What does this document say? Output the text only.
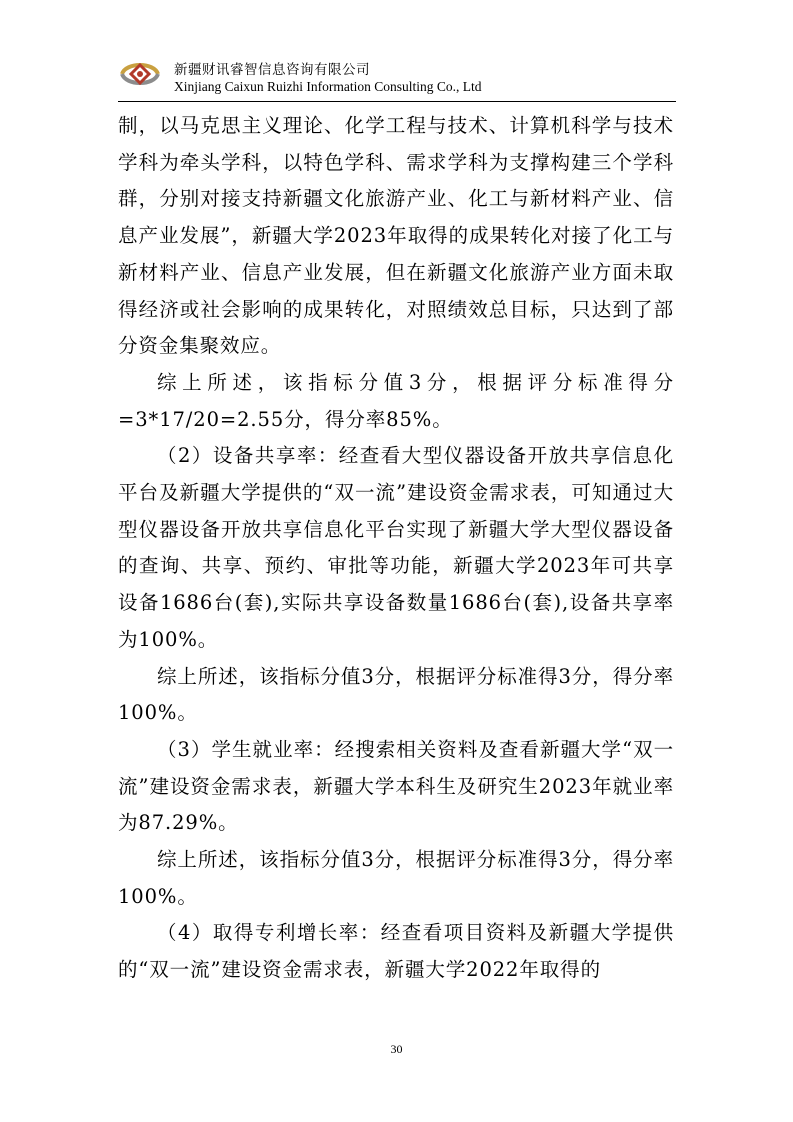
新疆财讯睿智信息咨询有限公司
Xinjiang Caixun Ruizhi Information Consulting Co., Ltd

制，以马克思主义理论、化学工程与技术、计算机科学与技术学科为牵头学科，以特色学科、需求学科为支撑构建三个学科群，分别对接支持新疆文化旅游产业、化工与新材料产业、信息产业发展”，新疆大学2023年取得的成果转化对接了化工与新材料产业、信息产业发展，但在新疆文化旅游产业方面未取得经济或社会影响的成果转化，对照绩效总目标，只达到了部分资金集聚效应。

综上所述，该指标分值3分，根据评分标准得分=3*17/20=2.55分，得分率85%。

（2）设备共享率：经查看大型仪器设备开放共享信息化平台及新疆大学提供的“双一流”建设资金需求表，可知通过大型仪器设备开放共享信息化平台实现了新疆大学大型仪器设备的查询、共享、预约、审批等功能，新疆大学2023年可共享设备1686台(套),实际共享设备数量1686台(套),设备共享率为100%。

综上所述，该指标分值3分，根据评分标准得3分，得分率100%。

（3）学生就业率：经搜索相关资料及查看新疆大学“双一流”建设资金需求表，新疆大学本科生及研究生2023年就业率为87.29%。

综上所述，该指标分值3分，根据评分标准得3分，得分率100%。

（4）取得专利增长率：经查看项目资料及新疆大学提供的“双一流”建设资金需求表，新疆大学2022年取得的

30
